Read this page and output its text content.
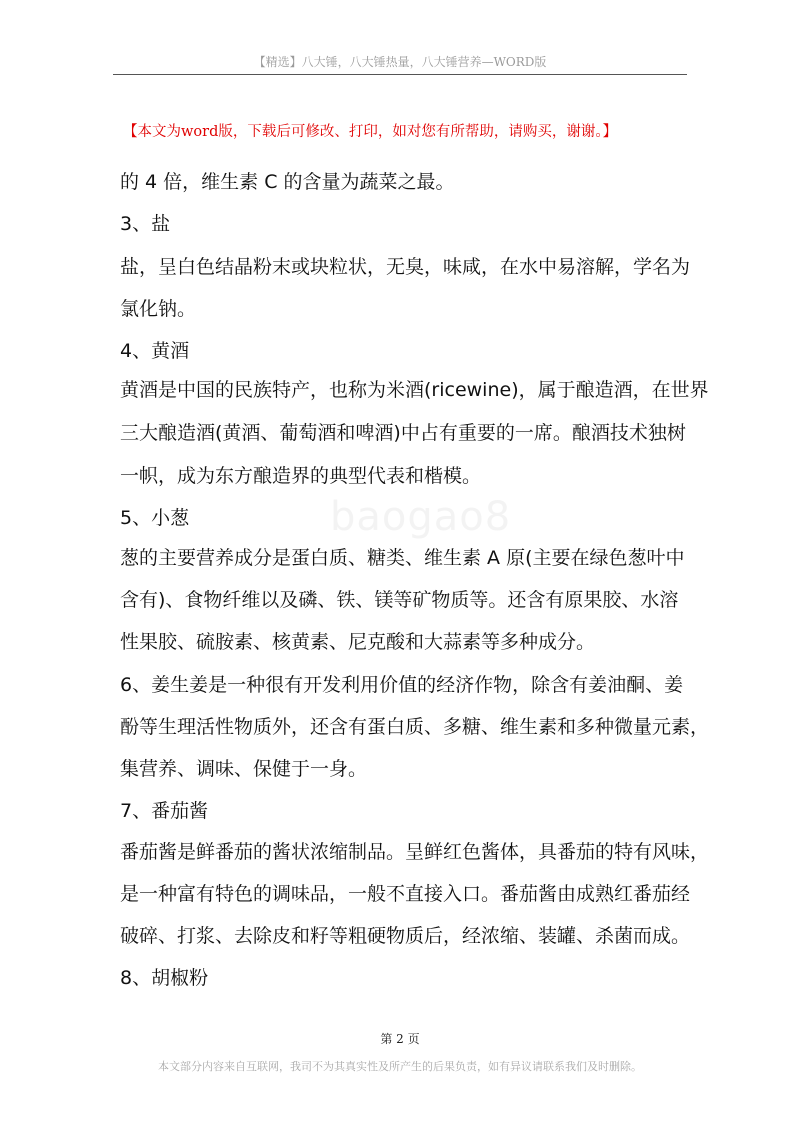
【精选】八大锤，八大锤热量，八大锤营养—WORD版
【本文为word版，下载后可修改、打印，如对您有所帮助，请购买，谢谢。】
baogao8
的 4 倍，维生素 C 的含量为蔬菜之最。
3、盐
盐，呈白色结晶粉末或块粒状，无臭，味咸，在水中易溶解，学名为
氯化钠。
4、黄酒
黄酒是中国的民族特产，也称为米酒(ricewine)，属于酿造酒，在世界
三大酿造酒(黄酒、葡萄酒和啤酒)中占有重要的一席。酿酒技术独树
一帜，成为东方酿造界的典型代表和楷模。
5、小葱
葱的主要营养成分是蛋白质、糖类、维生素 A 原(主要在绿色葱叶中
含有)、食物纤维以及磷、铁、镁等矿物质等。还含有原果胶、水溶
性果胶、硫胺素、核黄素、尼克酸和大蒜素等多种成分。
6、姜生姜是一种很有开发利用价值的经济作物，除含有姜油酮、姜
酚等生理活性物质外，还含有蛋白质、多糖、维生素和多种微量元素，
集营养、调味、保健于一身。
7、番茄酱
番茄酱是鲜番茄的酱状浓缩制品。呈鲜红色酱体，具番茄的特有风味，
是一种富有特色的调味品，一般不直接入口。番茄酱由成熟红番茄经
破碎、打浆、去除皮和籽等粗硬物质后，经浓缩、装罐、杀菌而成。
8、胡椒粉
第 2 页
本文部分内容来自互联网，我司不为其真实性及所产生的后果负责，如有异议请联系我们及时删除。
